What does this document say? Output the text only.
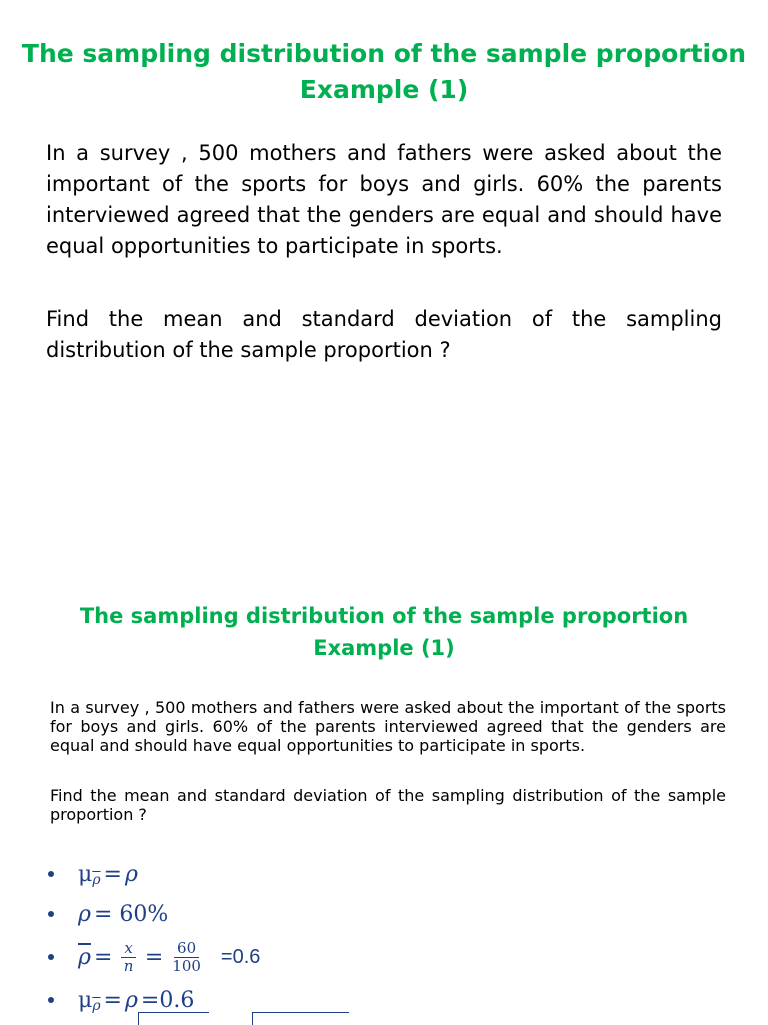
The sampling distribution of the sample proportion
Example (1)
In a survey , 500 mothers and fathers were asked about the important of the sports for boys and girls. 60% the parents interviewed agreed that the genders are equal and should have equal opportunities to participate in sports.
Find the mean and standard deviation of the sampling distribution of the sample proportion ?
The sampling distribution of the sample proportion
Example (1)
In a survey , 500 mothers and fathers were asked about the important of the sports for boys and girls. 60% of the parents interviewed agreed that the genders are equal and should have equal opportunities to participate in sports.
Find the mean and standard deviation of the sampling distribution of the sample proportion ?
μ $\overline{\rho} = \rho$
ρ = 60%
$\overline{\rho} = \frac{x}{n} = \frac{60}{100} =0.6$
μ $\overline{\rho} = \rho =0.6$
